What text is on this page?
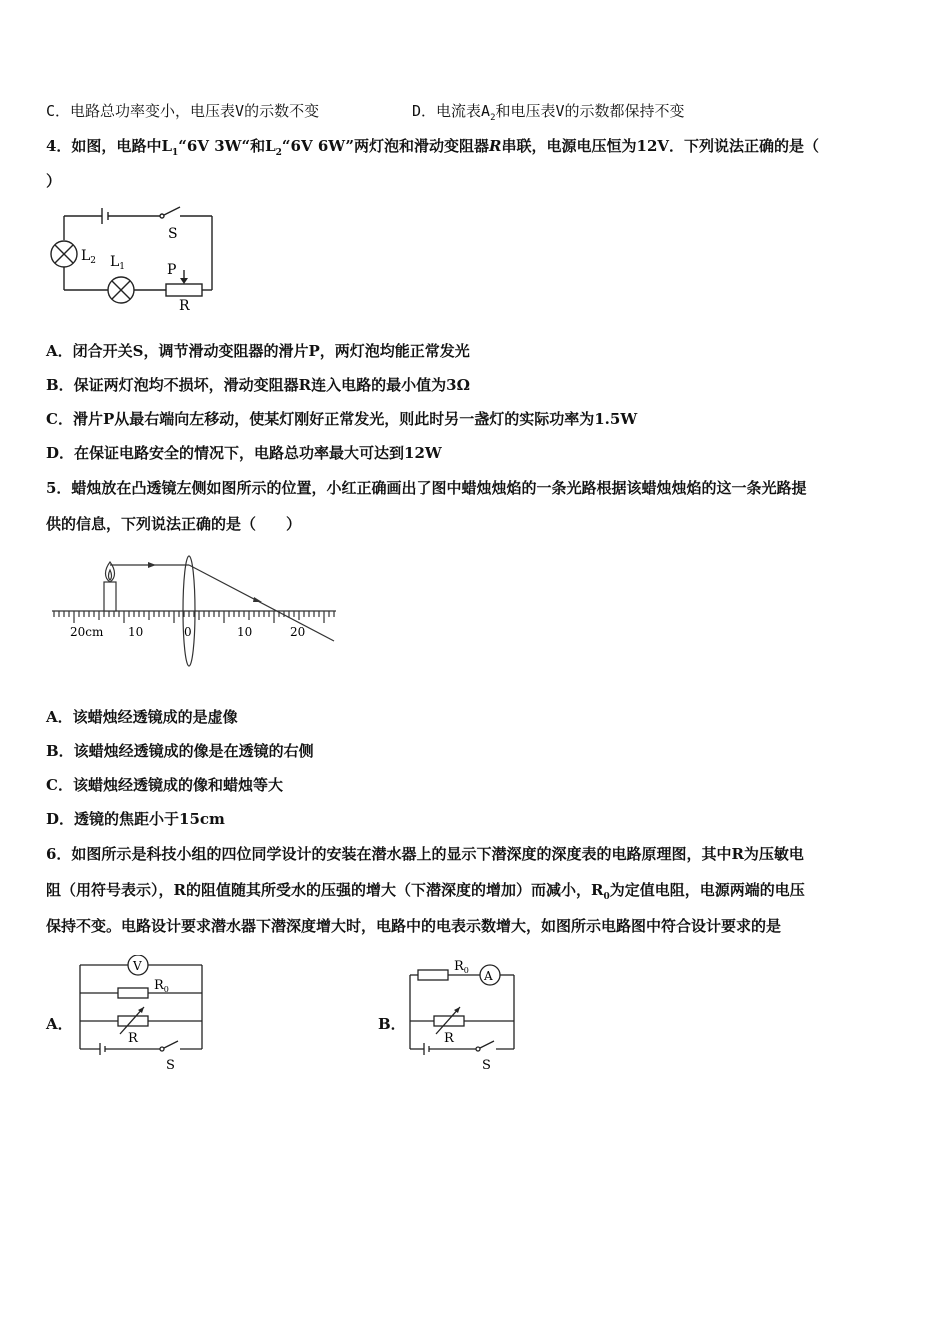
C．电路总功率变小，电压表V的示数不变	D．电流表$A_2$和电压表V的示数都保持不变
4．如图，电路中$L_1“6V$ 3W“和$L_2“6V$ 6W”两灯泡和滑动变阻器R串联，电源电压恒为12V．下列说法正确的是（
）
S
$L_2$ $L_1$	P
R
A．闭合开关S，调节滑动变阻器的滑片P，两灯泡均能正常发光
B．保证两灯泡均不损坏，滑动变阻器R连入电路的最小值为3Ω
C．滑片P从最右端向左移动，使某灯刚好正常发光，则此时另一盏灯的实际功率为1.5W
D．在保证电路安全的情况下，电路总功率最大可达到12W
5．蜡烛放在凸透镜左侧如图所示的位置，小红正确画出了图中蜡烛烛焰的一条光路根据该蜡烛烛焰的这一条光路提
供的信息，下列说法正确的是（　　）
20cm 10	0	10	20
A．该蜡烛经透镜成的是虚像
B．该蜡烛经透镜成的像是在透镜的右侧
C．该蜡烛经透镜成的像和蜡烛等大
D．透镜的焦距小于15cm
6．如图所示是科技小组的四位同学设计的安装在潜水器上的显示下潜深度的深度表的电路原理图，其中R为压敏电
阻（用符号表示），R的阻值随其所受水的压强的增大（下潜深度的增加）而减小，$R_0$为定值电阻，电源两端的电压
保持不变。电路设计要求潜水器下潜深度增大时，电路中的电表示数增大，如图所示电路图中符合设计要求的是
A．
V
$R_0$
R
S
B．
A
$R_0$
R
S
